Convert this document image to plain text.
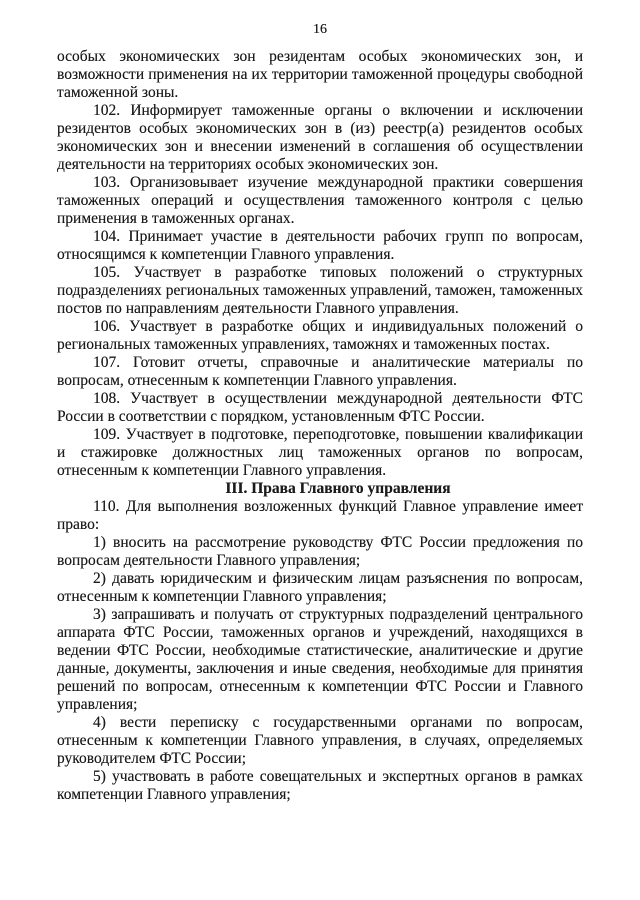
16

особых экономических зон резидентам особых экономических зон, и возможности применения на их территории таможенной процедуры свободной таможенной зоны.

102. Информирует таможенные органы о включении и исключении резидентов особых экономических зон в (из) реестр(а) резидентов особых экономических зон и внесении изменений в соглашения об осуществлении деятельности на территориях особых экономических зон.

103. Организовывает изучение международной практики совершения таможенных операций и осуществления таможенного контроля с целью применения в таможенных органах.

104. Принимает участие в деятельности рабочих групп по вопросам, относящимся к компетенции Главного управления.

105. Участвует в разработке типовых положений о структурных подразделениях региональных таможенных управлений, таможен, таможенных постов по направлениям деятельности Главного управления.

106. Участвует в разработке общих и индивидуальных положений о региональных таможенных управлениях, таможнях и таможенных постах.

107. Готовит отчеты, справочные и аналитические материалы по вопросам, отнесенным к компетенции Главного управления.

108. Участвует в осуществлении международной деятельности ФТС России в соответствии с порядком, установленным ФТС России.

109. Участвует в подготовке, переподготовке, повышении квалификации и стажировке должностных лиц таможенных органов по вопросам, отнесенным к компетенции Главного управления.

III. Права Главного управления

110. Для выполнения возложенных функций Главное управление имеет право:

1) вносить на рассмотрение руководству ФТС России предложения по вопросам деятельности Главного управления;

2) давать юридическим и физическим лицам разъяснения по вопросам, отнесенным к компетенции Главного управления;

3) запрашивать и получать от структурных подразделений центрального аппарата ФТС России, таможенных органов и учреждений, находящихся в ведении ФТС России, необходимые статистические, аналитические и другие данные, документы, заключения и иные сведения, необходимые для принятия решений по вопросам, отнесенным к компетенции ФТС России и Главного управления;

4) вести переписку с государственными органами по вопросам, отнесенным к компетенции Главного управления, в случаях, определяемых руководителем ФТС России;

5) участвовать в работе совещательных и экспертных органов в рамках компетенции Главного управления;
